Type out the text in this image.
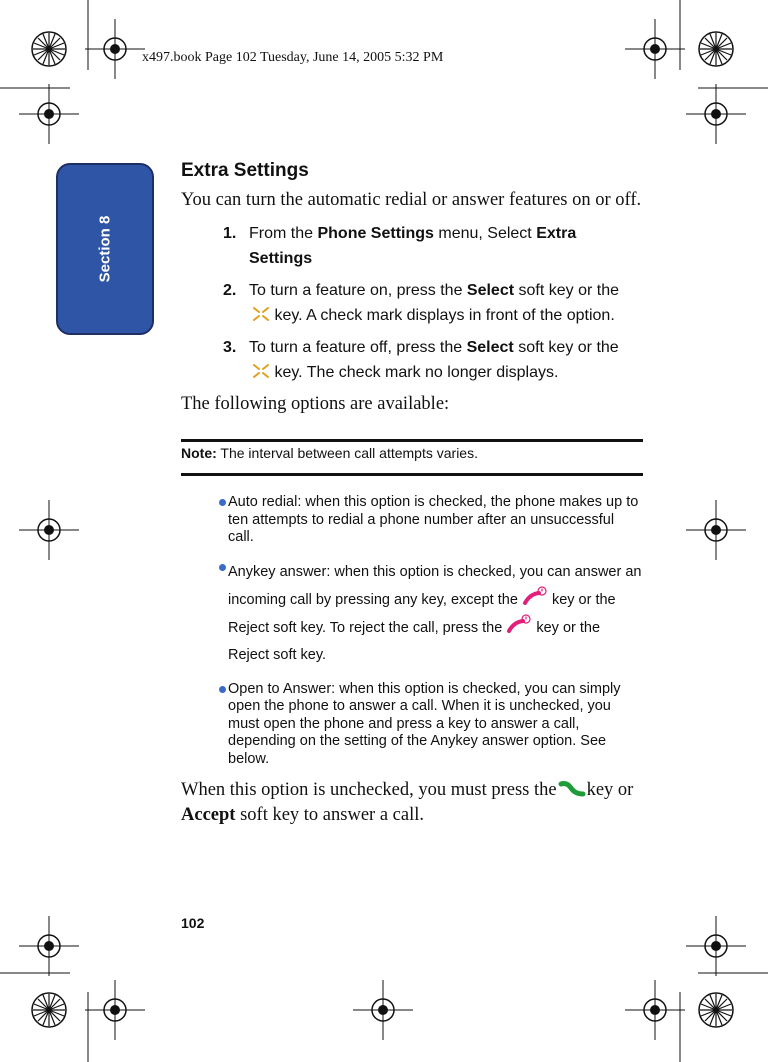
x497.book Page 102 Tuesday, June 14, 2005 5:32 PM
Section 8
Extra Settings

You can turn the automatic redial or answer features on or off.

1. From the Phone Settings menu, Select Extra Settings
2. To turn a feature on, press the Select soft key or the  key. A check mark displays in front of the option.
3. To turn a feature off, press the Select soft key or the  key. The check mark no longer displays.

The following options are available:

Note: The interval between call attempts varies.
Auto redial: when this option is checked, the phone makes up to ten attempts to redial a phone number after an unsuccessful call.
Anykey answer: when this option is checked, you can answer an incoming call by pressing any key, except the key or the Reject soft key. To reject the call, press the key or the Reject soft key.
Open to Answer: when this option is checked, you can simply open the phone to answer a call. When it is unchecked, you must open the phone and press a key to answer a call, depending on the setting of the Anykey answer option. See below.

When this option is unchecked, you must press the key or Accept soft key to answer a call.

102
